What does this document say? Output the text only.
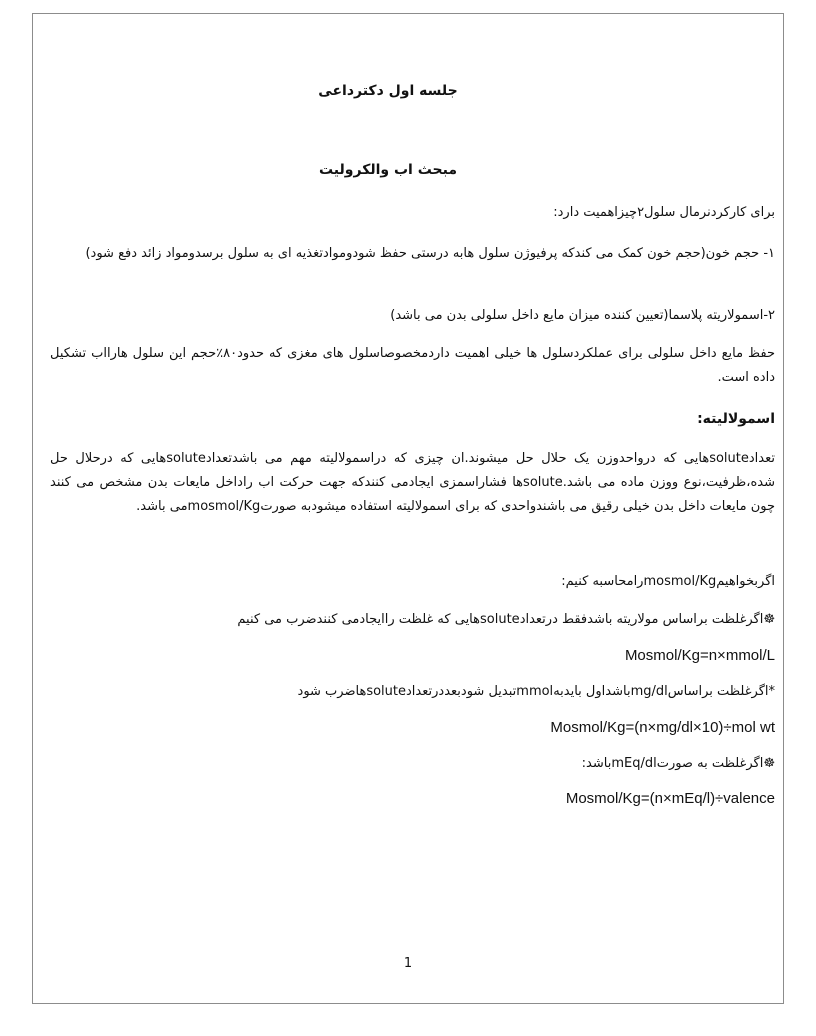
جلسه اول دکترداعی
مبحث اب والکرولیت

برای کارکردنرمال سلول۲چیزاهمیت دارد:

۱- حجم خون(حجم خون کمک می کندکه پرفیوژن سلول هابه درستی حفظ شودوموادتغذیه ای به سلول برسدومواد زائد دفع شود)

۲-اسمولاریته پلاسما(تعیین کننده میزان مایع داخل سلولی بدن می باشد)

حفظ مایع داخل سلولی برای عملکردسلول ها خیلی اهمیت داردمخصوصاسلول های مغزی که حدود۸۰٪حجم این سلول هارااب تشکیل داده است.

اسمولالیته:

تعدادsoluteهایی که درواحدوزن یک حلال حل میشوند.ان چیزی که دراسمولالیته مهم می باشدتعدادsoluteهایی که درحلال حل شده،ظرفیت،نوع ووزن ماده می باشد.soluteها فشاراسمزی ایجادمی کنندکه جهت حرکت اب راداخل مایعات بدن مشخص می کنند چون مایعات داخل بدن خیلی رقیق می باشندواحدی که برای اسمولالیته استفاده میشودبه صورتmosmol/Kgمی باشد.

اگربخواهیمmosmol/Kgرامحاسبه کنیم:

☸اگرغلظت براساس مولاریته باشدفقط درتعدادsoluteهایی که غلظت راایجادمی کنندضرب می کنیم

Mosmol/Kg=n×mmol/L

*اگرغلظت براساسmg/dlباشداول بایدبهmmolتبدیل شودبعددرتعدادsoluteهاضرب شود

Mosmol/Kg=(n×mg/dl×10)÷mol wt

☸اگرغلظت به صورتmEq/dlباشد:

Mosmol/Kg=(n×mEq/l)÷valence
1
